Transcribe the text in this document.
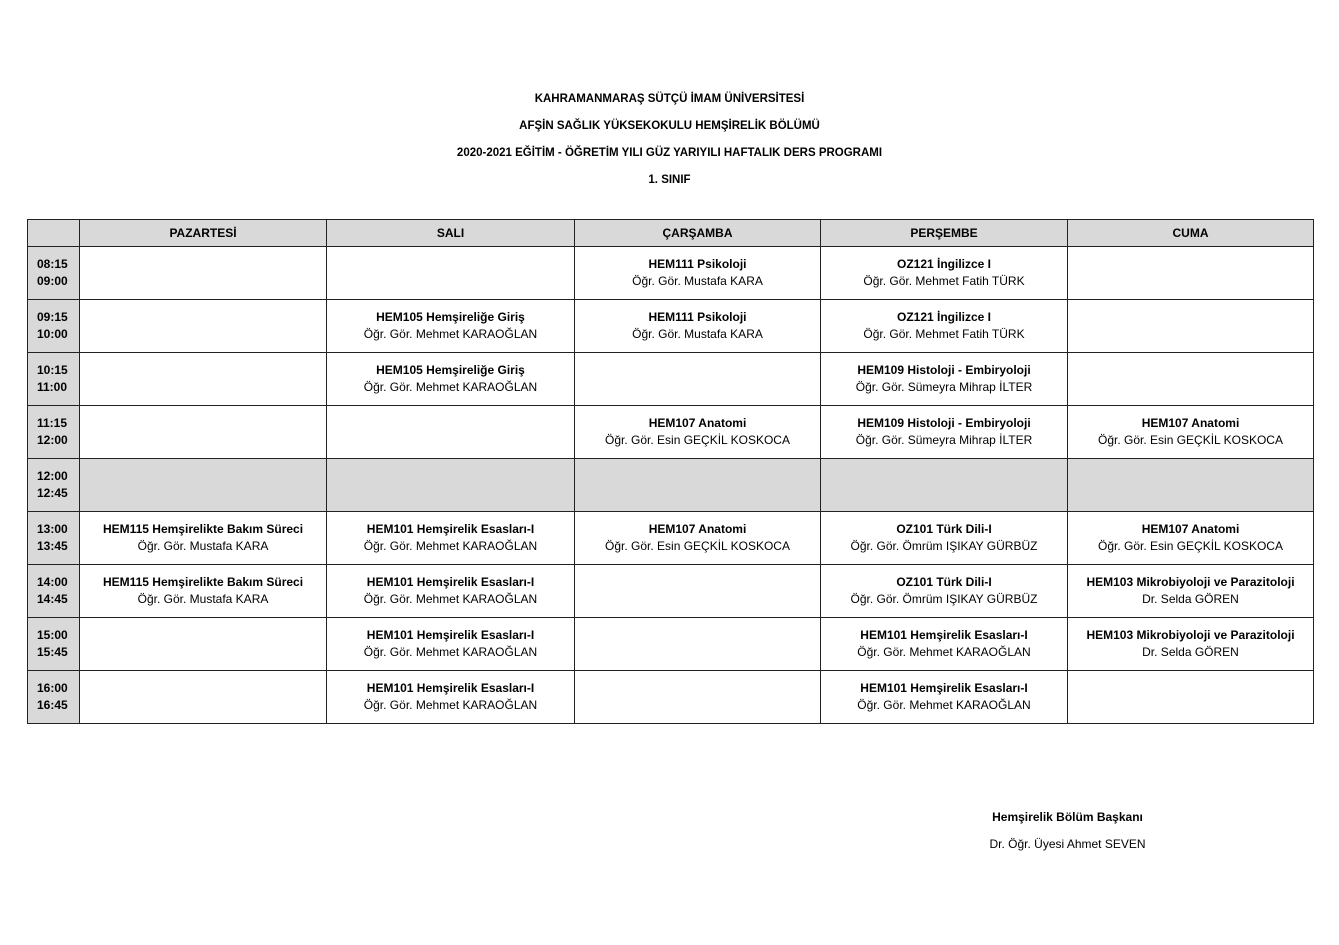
KAHRAMANMARAŞ SÜTÇÜ İMAM ÜNİVERSİTESİ
AFŞİN SAĞLIK YÜKSEKOKULU HEMŞİRELİK BÖLÜMÜ
2020-2021 EĞİTİM - ÖĞRETİM YILI GÜZ YARIYILI HAFTALIK DERS PROGRAMI
1. SINIF
	PAZARTESİ	SALI	ÇARŞAMBA	PERŞEMBE	CUMA

08:15
09:00			HEM111 Psikoloji
Öğr. Gör. Mustafa KARA	OZ121 İngilizce I
Öğr. Gör. Mehmet Fatih TÜRK	

09:15
10:00		HEM105 Hemşireliğe Giriş
Öğr. Gör. Mehmet KARAOĞLAN	HEM111 Psikoloji
Öğr. Gör. Mustafa KARA	OZ121 İngilizce I
Öğr. Gör. Mehmet Fatih TÜRK	

10:15
11:00		HEM105 Hemşireliğe Giriş
Öğr. Gör. Mehmet KARAOĞLAN		HEM109 Histoloji - Embiryoloji
Öğr. Gör. Sümeyra Mihrap İLTER	

11:15
12:00			HEM107 Anatomi
Öğr. Gör. Esin GEÇKİL KOSKOCA	HEM109 Histoloji - Embiryoloji
Öğr. Gör. Sümeyra Mihrap İLTER	HEM107 Anatomi
Öğr. Gör. Esin GEÇKİL KOSKOCA

12:00
12:45					

13:00
13:45	HEM115 Hemşirelikte Bakım Süreci
Öğr. Gör. Mustafa KARA	HEM101 Hemşirelik Esasları-I
Öğr. Gör. Mehmet KARAOĞLAN	HEM107 Anatomi
Öğr. Gör. Esin GEÇKİL KOSKOCA	OZ101 Türk Dili-I
Öğr. Gör. Ömrüm IŞIKAY GÜRBÜZ	HEM107 Anatomi
Öğr. Gör. Esin GEÇKİL KOSKOCA

14:00
14:45	HEM115 Hemşirelikte Bakım Süreci
Öğr. Gör. Mustafa KARA	HEM101 Hemşirelik Esasları-I
Öğr. Gör. Mehmet KARAOĞLAN		OZ101 Türk Dili-I
Öğr. Gör. Ömrüm IŞIKAY GÜRBÜZ	HEM103 Mikrobiyoloji ve Parazitoloji
Dr. Selda GÖREN

15:00
15:45		HEM101 Hemşirelik Esasları-I
Öğr. Gör. Mehmet KARAOĞLAN		HEM101 Hemşirelik Esasları-I
Öğr. Gör. Mehmet KARAOĞLAN	HEM103 Mikrobiyoloji ve Parazitoloji
Dr. Selda GÖREN

16:00
16:45		HEM101 Hemşirelik Esasları-I
Öğr. Gör. Mehmet KARAOĞLAN		HEM101 Hemşirelik Esasları-I
Öğr. Gör. Mehmet KARAOĞLAN	

Hemşirelik Bölüm Başkanı
Dr. Öğr. Üyesi Ahmet SEVEN
